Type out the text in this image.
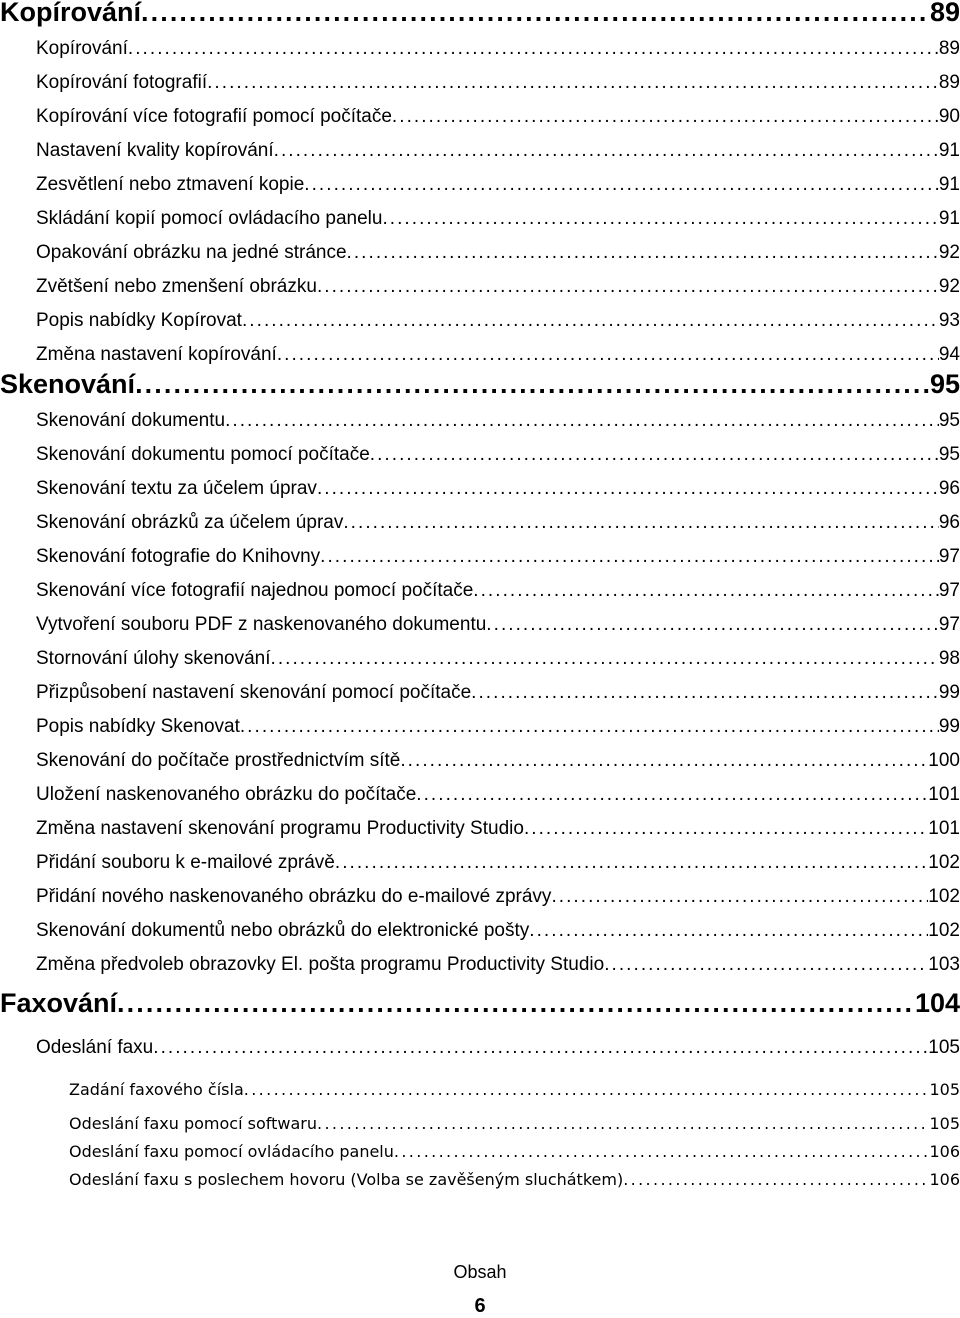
Kopírování . . .	89
Kopírování . . .	89
Kopírování fotografií . . .	89
Kopírování více fotografií pomocí počítače . . .	90
Nastavení kvality kopírování . . .	91
Zesvětlení nebo ztmavení kopie . . .	91
Skládání kopií pomocí ovládacího panelu . . .	91
Opakování obrázku na jedné stránce . . .	92
Zvětšení nebo zmenšení obrázku . . .	92
Popis nabídky Kopírovat . . .	93
Změna nastavení kopírování . . .	94
Skenování . . .	95
Skenování dokumentu . . .	95
Skenování dokumentu pomocí počítače . . .	95
Skenování textu za účelem úprav . . .	96
Skenování obrázků za účelem úprav . . .	96
Skenování fotografie do Knihovny . . .	97
Skenování více fotografií najednou pomocí počítače . . .	97
Vytvoření souboru PDF z naskenovaného dokumentu . . .	97
Stornování úlohy skenování . . .	98
Přizpůsobení nastavení skenování pomocí počítače . . .	99
Popis nabídky Skenovat . . .	99
Skenování do počítače prostřednictvím sítě . . .	100
Uložení naskenovaného obrázku do počítače . . .	101
Změna nastavení skenování programu Productivity Studio . . .	101
Přidání souboru k e-mailové zprávě . . .	102
Přidání nového naskenovaného obrázku do e-mailové zprávy . . .	102
Skenování dokumentů nebo obrázků do elektronické pošty . . .	102
Změna předvoleb obrazovky El. pošta programu Productivity Studio . . .	103
Faxování . . .	104
Odeslání faxu . . .	105
Zadání faxového čísla . . .	105
Odeslání faxu pomocí softwaru . . .	105
Odeslání faxu pomocí ovládacího panelu . . .	106
Odeslání faxu s poslechem hovoru (Volba se zavěšeným sluchátkem) . . .	106
Obsah
6
